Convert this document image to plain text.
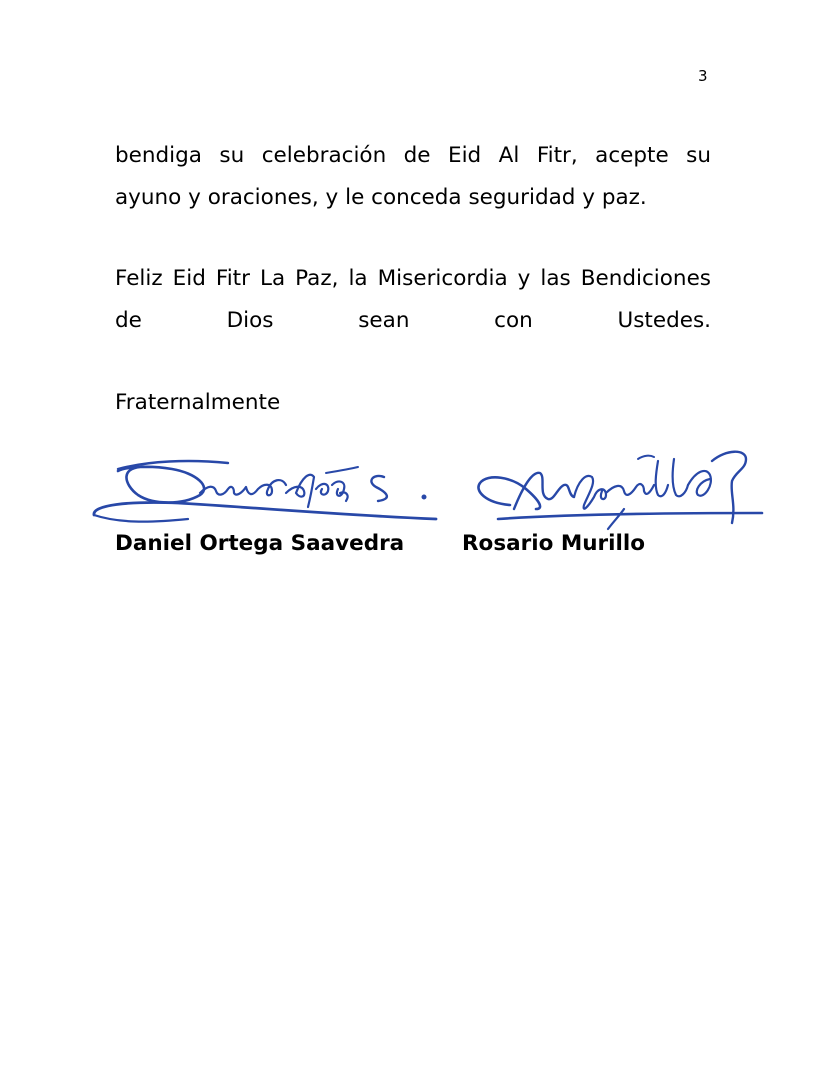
3

bendiga su celebración de Eid Al Fitr, acepte su
ayuno y oraciones, y le conceda seguridad y paz.

Feliz Eid Fitr La Paz, la Misericordia y las Bendiciones
de Dios sean con Ustedes.

Fraternalmente

Daniel Ortega Saavedra	Rosario Murillo
